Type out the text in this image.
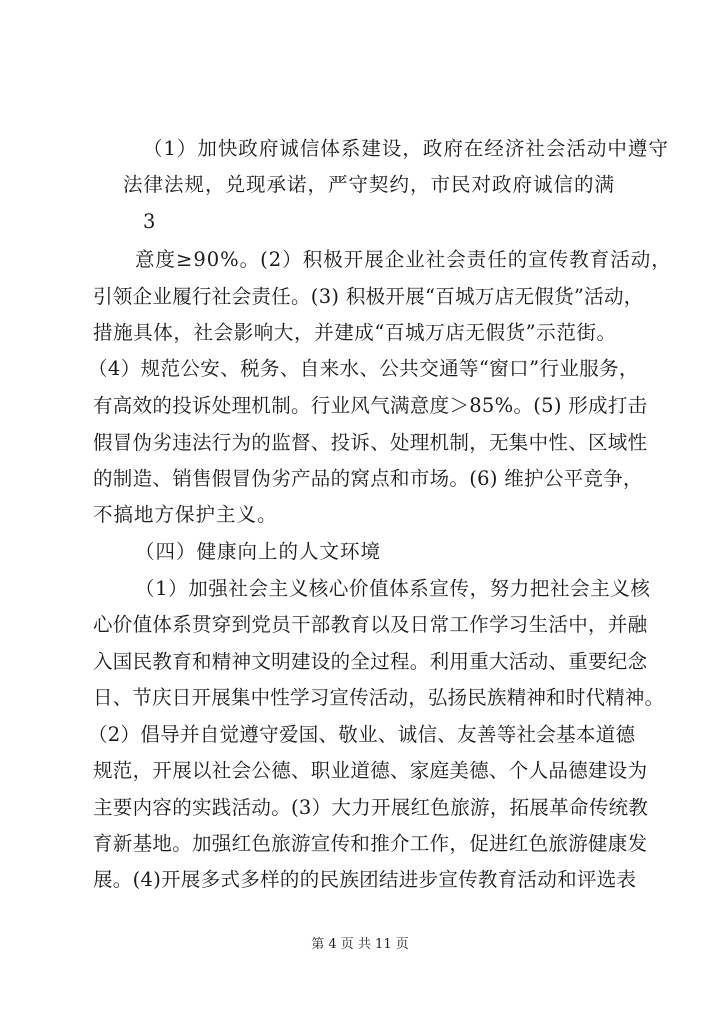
（1）加快政府诚信体系建设，政府在经济社会活动中遵守
法律法规，兑现承诺，严守契约，市民对政府诚信的满
3
意度≥90%。(2）积极开展企业社会责任的宣传教育活动，
引领企业履行社会责任。(3) 积极开展“百城万店无假货”活动，
措施具体，社会影响大，并建成“百城万店无假货”示范街。
（4）规范公安、税务、自来水、公共交通等“窗口”行业服务，
有高效的投诉处理机制。行业风气满意度＞85%。(5) 形成打击
假冒伪劣违法行为的监督、投诉、处理机制，无集中性、区域性
的制造、销售假冒伪劣产品的窝点和市场。(6) 维护公平竞争，
不搞地方保护主义。
（四）健康向上的人文环境
（1）加强社会主义核心价值体系宣传，努力把社会主义核
心价值体系贯穿到党员干部教育以及日常工作学习生活中，并融
入国民教育和精神文明建设的全过程。利用重大活动、重要纪念
日、节庆日开展集中性学习宣传活动，弘扬民族精神和时代精神。
（2）倡导并自觉遵守爱国、敬业、诚信、友善等社会基本道德
规范，开展以社会公德、职业道德、家庭美德、个人品德建设为
主要内容的实践活动。(3）大力开展红色旅游，拓展革命传统教
育新基地。加强红色旅游宣传和推介工作，促进红色旅游健康发
展。(4)开展多式多样的的民族团结进步宣传教育活动和评选表
第 4 页 共 11 页
